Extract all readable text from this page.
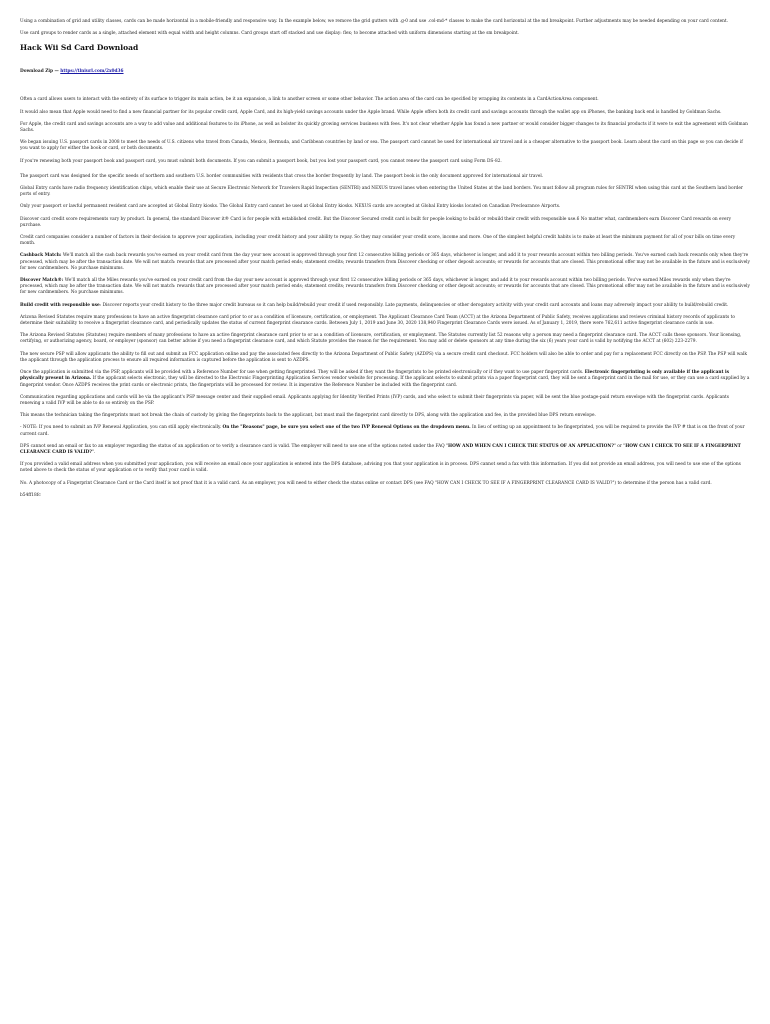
Using a combination of grid and utility classes, cards can be made horizontal in a mobile-friendly and responsive way. In the example below, we remove the grid gutters with .g-0 and use .col-md-* classes to make the card horizontal at the md breakpoint. Further adjustments may be needed depending on your card content.

Use card groups to render cards as a single, attached element with equal width and height columns. Card groups start off stacked and use display: flex; to become attached with uniform dimensions starting at the sm breakpoint.

Hack Wii Sd Card Download
Download Zip — https://tlniurl.com/2x0d36

Often a card allows users to interact with the entirety of its surface to trigger its main action, be it an expansion, a link to another screen or some other behavior. The action area of the card can be specified by wrapping its contents in a CardActionArea component.

It would also mean that Apple would need to find a new financial partner for its popular credit card, Apple Card, and its high-yield savings accounts under the Apple brand. While Apple offers both its credit card and savings accounts through the wallet app on iPhones, the banking back end is handled by Goldman Sachs.

For Apple, the credit card and savings accounts are a way to add value and additional features to its iPhone, as well as bolster its quickly growing services business with fees. It's not clear whether Apple has found a new partner or would consider bigger changes to its financial products if it were to exit the agreement with Goldman Sachs.

We began issuing U.S. passport cards in 2008 to meet the needs of U.S. citizens who travel from Canada, Mexico, Bermuda, and Caribbean countries by land or sea. The passport card cannot be used for international air travel and is a cheaper alternative to the passport book. Learn about the card on this page so you can decide if you want to apply for either the book or card, or both documents.

If you're renewing both your passport book and passport card, you must submit both documents. If you can submit a passport book, but you lost your passport card, you cannot renew the passport card using Form DS-82.

The passport card was designed for the specific needs of northern and southern U.S. border communities with residents that cross the border frequently by land. The passport book is the only document approved for international air travel.

Global Entry cards have radio frequency identification chips, which enable their use at Secure Electronic Network for Travelers Rapid Inspection (SENTRI) and NEXUS travel lanes when entering the United States at the land borders. You must follow all program rules for SENTRI when using this card at the Southern land border ports of entry.

Only your passport or lawful permanent resident card are accepted at Global Entry kiosks. The Global Entry card cannot be used at Global Entry kiosks. NEXUS cards are accepted at Global Entry kiosks located on Canadian Preclearance Airports.

Discover card credit score requirements vary by product. In general, the standard Discover it® Card is for people with established credit. But the Discover Secured credit card is built for people looking to build or rebuild their credit with responsible use.6 No matter what, cardmembers earn Discover Card rewards on every purchase.

Credit card companies consider a number of factors in their decision to approve your application, including your credit history and your ability to repay. So they may consider your credit score, income and more. One of the simplest helpful credit habits is to make at least the minimum payment for all of your bills on time every month.

Cashback Match: We'll match all the cash back rewards you've earned on your credit card from the day your new account is approved through your first 12 consecutive billing periods or 365 days, whichever is longer, and add it to your rewards account within two billing periods. You've earned cash back rewards only when they're processed, which may be after the transaction date. We will not match: rewards that are processed after your match period ends; statement credits; rewards transfers from Discover checking or other deposit accounts; or rewards for accounts that are closed. This promotional offer may not be available in the future and is exclusively for new cardmembers. No purchase minimums.

Discover Match®: We'll match all the Miles rewards you've earned on your credit card from the day your new account is approved through your first 12 consecutive billing periods or 365 days, whichever is longer, and add it to your rewards account within two billing periods. You've earned Miles rewards only when they're processed, which may be after the transaction date. We will not match: rewards that are processed after your match period ends; statement credits; rewards transfers from Discover checking or other deposit accounts; or rewards for accounts that are closed. This promotional offer may not be available in the future and is exclusively for new cardmembers. No purchase minimums.

Build credit with responsible use: Discover reports your credit history to the three major credit bureaus so it can help build/rebuild your credit if used responsibly. Late payments, delinquencies or other derogatory activity with your credit card accounts and loans may adversely impact your ability to build/rebuild credit.

Arizona Revised Statutes require many professions to have an active fingerprint clearance card prior to or as a condition of licensure, certification, or employment. The Applicant Clearance Card Team (ACCT) at the Arizona Department of Public Safety, receives applications and reviews criminal history records of applicants to determine their suitability to receive a fingerprint clearance card, and periodically updates the status of current fingerprint clearance cards. Between July 1, 2019 and June 30, 2020 138,940 Fingerprint Clearance Cards were issued. As of January 1, 2019, there were 762,611 active fingerprint clearance cards in use.

The Arizona Revised Statutes (Statutes) require members of many professions to have an active fingerprint clearance card prior to or as a condition of licensure, certification, or employment. The Statutes currently list 52 reasons why a person may need a fingerprint clearance card. The ACCT calls these sponsors. Your licensing, certifying, or authorizing agency, board, or employer (sponsor) can better advise if you need a fingerprint clearance card, and which Statute provides the reason for the requirement. You may add or delete sponsors at any time during the six (6) years your card is valid by notifying the ACCT at (602) 223-2279.

The new secure PSP will allow applicants the ability to fill out and submit an FCC application online and pay the associated fees directly to the Arizona Department of Public Safety (AZDPS) via a secure credit card checkout. FCC holders will also be able to order and pay for a replacement FCC directly on the PSP. The PSP will walk the applicant through the application process to ensure all required information is captured before the application is sent to AZDPS.

Once the application is submitted via the PSP, applicants will be provided with a Reference Number for use when getting fingerprinted. They will be asked if they want the fingerprints to be printed electronically or if they want to use paper fingerprint cards. Electronic fingerprinting is only available if the applicant is physically present in Arizona. If the applicant selects electronic, they will be directed to the Electronic Fingerprinting Application Services vendor website for processing. If the applicant selects to submit prints via a paper fingerprint card, they will be sent a fingerprint card in the mail for use, or they can use a card supplied by a fingerprint vendor. Once AZDPS receives the print cards or electronic prints, the fingerprints will be processed for review. It is imperative the Reference Number be included with the fingerprint card.

Communication regarding applications and cards will be via the applicant's PSP message center and their supplied email. Applicants applying for Identity Verified Prints (IVP) cards, and who select to submit their fingerprints via paper, will be sent the blue postage-paid return envelope with the fingerprint cards. Applicants renewing a valid IVP will be able to do so entirely on the PSP.

This means the technician taking the fingerprints must not break the chain of custody by giving the fingerprints back to the applicant, but must mail the fingerprint card directly to DPS, along with the application and fee, in the provided blue DPS return envelope.

- NOTE: If you need to submit an IVP Renewal Application, you can still apply electronically. On the "Reasons" page, be sure you select one of the two IVP Renewal Options on the dropdown menu. In lieu of setting up an appointment to be fingerprinted, you will be required to provide the IVP # that is on the front of your current card.

DPS cannot send an email or fax to an employer regarding the status of an application or to verify a clearance card is valid. The employer will need to use one of the options noted under the FAQ "HOW AND WHEN CAN I CHECK THE STATUS OF AN APPLICATION?" or "HOW CAN I CHECK TO SEE IF A FINGERPRINT CLEARANCE CARD IS VALID?".

If you provided a valid email address when you submitted your application, you will receive an email once your application is entered into the DPS database, advising you that your application is in process. DPS cannot send a fax with this information. If you did not provide an email address, you will need to use one of the options noted above to check the status of your application or to verify that your card is valid.

No. A photocopy of a Fingerprint Clearance Card or the Card itself is not proof that it is a valid card. As an employer, you will need to either check the status online or contact DPS (see FAQ "HOW CAN I CHECK TO SEE IF A FINGERPRINT CLEARANCE CARD IS VALID?") to determine if the person has a valid card.

b54ff18fc
